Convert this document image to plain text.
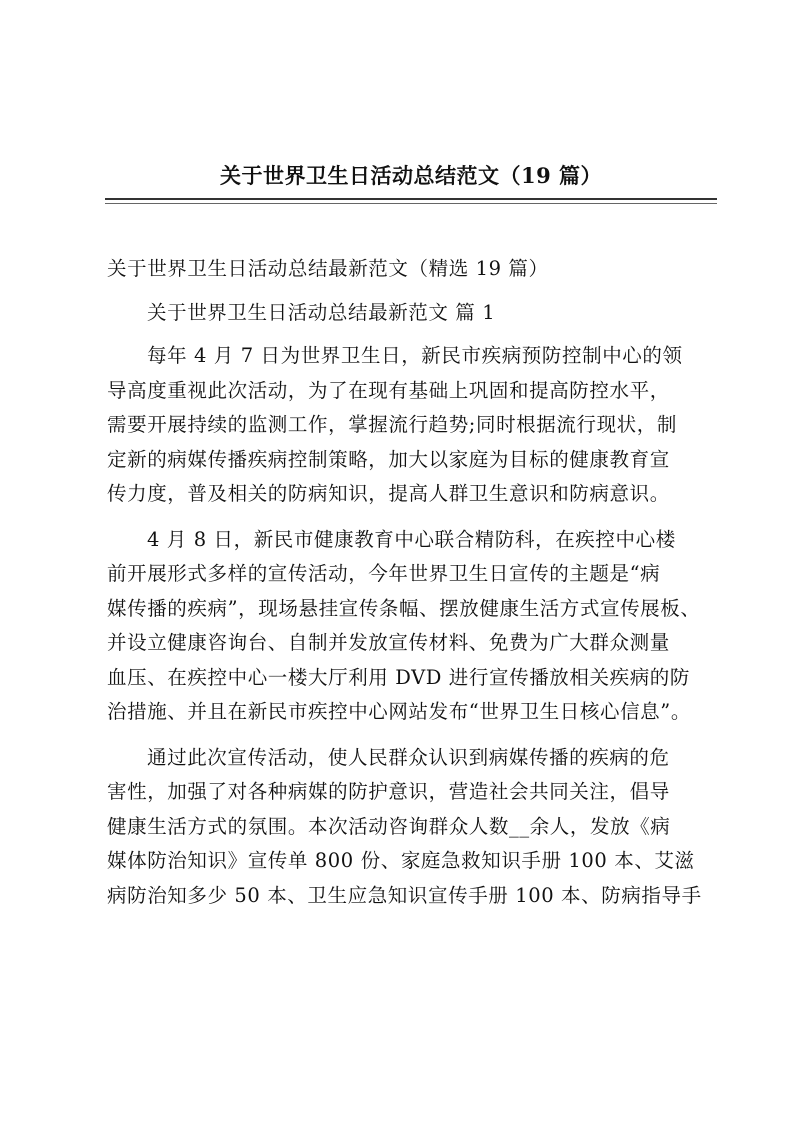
关于世界卫生日活动总结范文（19 篇）

关于世界卫生日活动总结最新范文（精选 19 篇）

关于世界卫生日活动总结最新范文 篇 1

每年 4 月 7 日为世界卫生日，新民市疾病预防控制中心的领

导高度重视此次活动，为了在现有基础上巩固和提高防控水平，

需要开展持续的监测工作，掌握流行趋势;同时根据流行现状，制

定新的病媒传播疾病控制策略，加大以家庭为目标的健康教育宣

传力度，普及相关的防病知识，提高人群卫生意识和防病意识。

4 月 8 日，新民市健康教育中心联合精防科，在疾控中心楼

前开展形式多样的宣传活动，今年世界卫生日宣传的主题是“病

媒传播的疾病”，现场悬挂宣传条幅、摆放健康生活方式宣传展板、

并设立健康咨询台、自制并发放宣传材料、免费为广大群众测量

血压、在疾控中心一楼大厅利用 DVD 进行宣传播放相关疾病的防

治措施、并且在新民市疾控中心网站发布“世界卫生日核心信息”。

通过此次宣传活动，使人民群众认识到病媒传播的疾病的危

害性，加强了对各种病媒的防护意识，营造社会共同关注，倡导

健康生活方式的氛围。本次活动咨询群众人数__余人，发放《病

媒体防治知识》宣传单 800 份、家庭急救知识手册 100 本、艾滋

病防治知多少 50 本、卫生应急知识宣传手册 100 本、防病指导手
